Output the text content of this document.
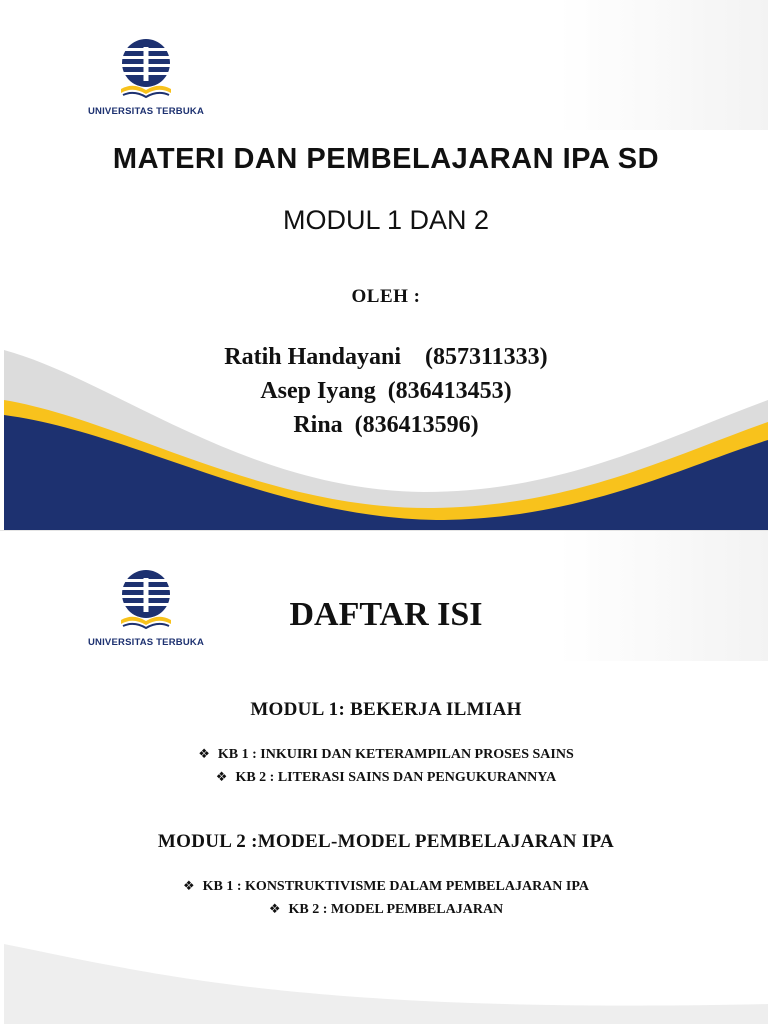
UNIVERSITAS TERBUKA
MATERI DAN PEMBELAJARAN IPA SD
MODUL 1 DAN 2
OLEH :
Ratih Handayani    (857311333)
Asep Iyang  (836413453)
Rina  (836413596)
UNIVERSITAS TERBUKA
DAFTAR ISI
MODUL 1: BEKERJA ILMIAH
❖ KB 1 : INKUIRI DAN KETERAMPILAN PROSES SAINS
❖ KB 2 : LITERASI SAINS DAN PENGUKURANNYA
MODUL 2 :MODEL-MODEL PEMBELAJARAN IPA
❖ KB 1 : KONSTRUKTIVISME DALAM PEMBELAJARAN IPA
❖ KB 2 : MODEL PEMBELAJARAN
